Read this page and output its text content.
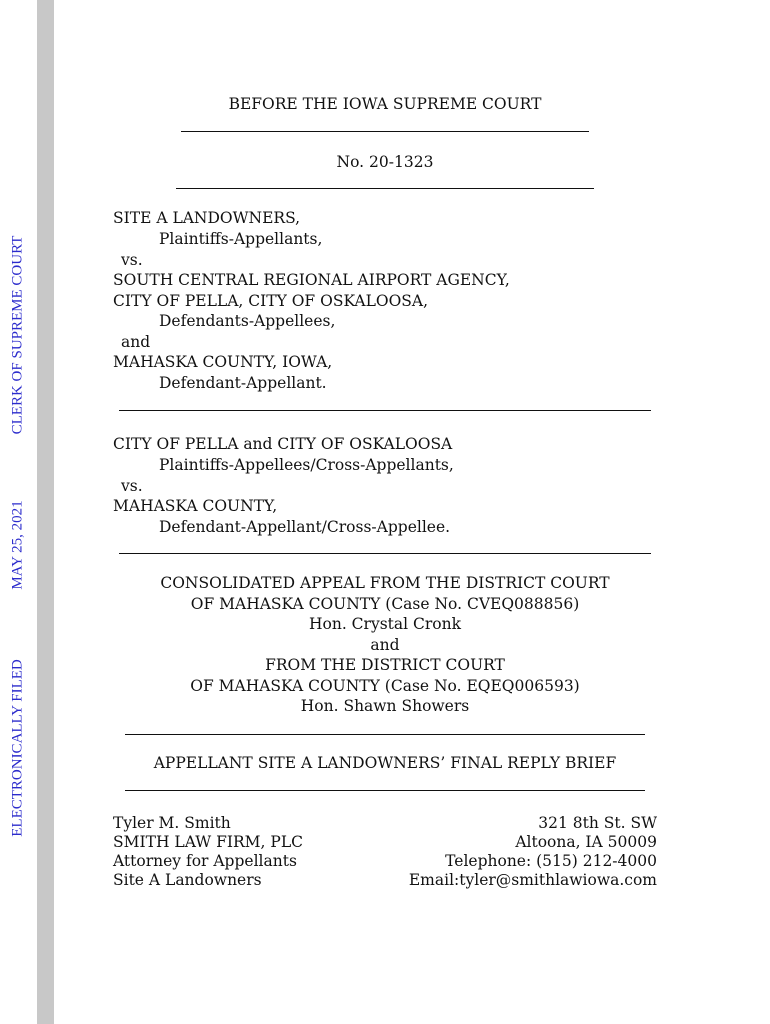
ELECTRONICALLY FILED
MAY 25, 2021
CLERK OF SUPREME COURT
BEFORE THE IOWA SUPREME COURT
No. 20-1323
SITE A LANDOWNERS,
Plaintiffs-Appellants,
vs.
SOUTH CENTRAL REGIONAL AIRPORT AGENCY,
CITY OF PELLA, CITY OF OSKALOOSA,
Defendants-Appellees,
and
MAHASKA COUNTY, IOWA,
Defendant-Appellant.
CITY OF PELLA and CITY OF OSKALOOSA
Plaintiffs-Appellees/Cross-Appellants,
vs.
MAHASKA COUNTY,
Defendant-Appellant/Cross-Appellee.
CONSOLIDATED APPEAL FROM THE DISTRICT COURT
OF MAHASKA COUNTY (Case No. CVEQ088856)
Hon. Crystal Cronk
and
FROM THE DISTRICT COURT
OF MAHASKA COUNTY (Case No. EQEQ006593)
Hon. Shawn Showers
APPELLANT SITE A LANDOWNERS’ FINAL REPLY BRIEF
Tyler M. Smith
SMITH LAW FIRM, PLC
Attorney for Appellants
Site A Landowners
321 8th St. SW
Altoona, IA 50009
Telephone: (515) 212-4000
Email:tyler@smithlawiowa.com
